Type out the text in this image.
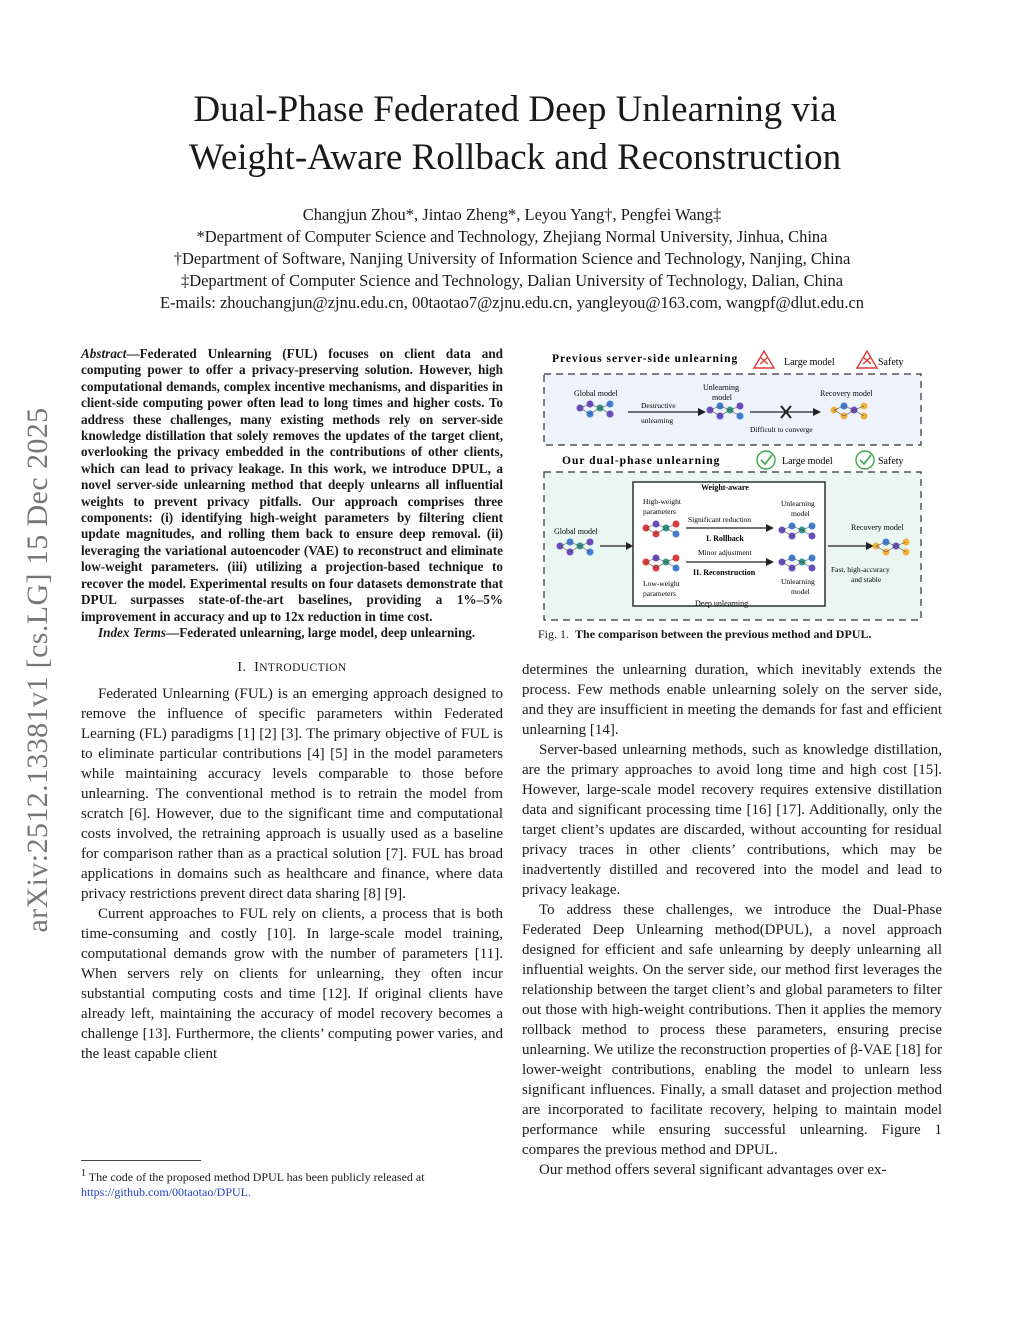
arXiv:2512.13381v1 [cs.LG] 15 Dec 2025
Dual-Phase Federated Deep Unlearning via
Weight-Aware Rollback and Reconstruction
Changjun Zhou*, Jintao Zheng*, Leyou Yang†, Pengfei Wang‡
*Department of Computer Science and Technology, Zhejiang Normal University, Jinhua, China
†Department of Software, Nanjing University of Information Science and Technology, Nanjing, China
‡Department of Computer Science and Technology, Dalian University of Technology, Dalian, China
E-mails: zhouchangjun@zjnu.edu.cn, 00taotao7@zjnu.edu.cn, yangleyou@163.com, wangpf@dlut.edu.cn

Abstract—Federated Unlearning (FUL) focuses on client data and computing power to offer a privacy-preserving solution. However, high computational demands, complex incentive mechanisms, and disparities in client-side computing power often lead to long times and higher costs. To address these challenges, many existing methods rely on server-side knowledge distillation that solely removes the updates of the target client, overlooking the privacy embedded in the contributions of other clients, which can lead to privacy leakage. In this work, we introduce DPUL, a novel server-side unlearning method that deeply unlearns all influential weights to prevent privacy pitfalls. Our approach comprises three components: (i) identifying high-weight parameters by filtering client update magnitudes, and rolling them back to ensure deep removal. (ii) leveraging the variational autoencoder (VAE) to reconstruct and eliminate low-weight parameters. (iii) utilizing a projection-based technique to recover the model. Experimental results on four datasets demonstrate that DPUL surpasses state-of-the-art baselines, providing a 1%–5% improvement in accuracy and up to 12x reduction in time cost.

Index Terms—Federated unlearning, large model, deep unlearning.

I. INTRODUCTION

Federated Unlearning (FUL) is an emerging approach designed to remove the influence of specific parameters within Federated Learning (FL) paradigms [1] [2] [3]. The primary objective of FUL is to eliminate particular contributions [4] [5] in the model parameters while maintaining accuracy levels comparable to those before unlearning. The conventional method is to retrain the model from scratch [6]. However, due to the significant time and computational costs involved, the retraining approach is usually used as a baseline for comparison rather than as a practical solution [7]. FUL has broad applications in domains such as healthcare and finance, where data privacy restrictions prevent direct data sharing [8] [9].

Current approaches to FUL rely on clients, a process that is both time-consuming and costly [10]. In large-scale model training, computational demands grow with the number of parameters [11]. When servers rely on clients for unlearning, they often incur substantial computing costs and time [12]. If original clients have already left, maintaining the accuracy of model recovery becomes a challenge [13]. Furthermore, the clients’ computing power varies, and the least capable client

$^1$ The code of the proposed method DPUL has been publicly released at https://github.com/00taotao/DPUL.
Previous server-side unlearning	Large model	Safety
Global model
Destructive
unlearning
Unlearning
model
Difficult to converge
Recovery model
Our dual-phase unlearning	Large model	Safety
Global model
Weight-aware
High-weight
parameters
Significant reduction
I. Rollback
Unlearning
model
Minor adjustment
II. Reconstruction
Low-weight
parameters
Unlearning
model
Deep unlearning
Recovery model
Fast, high-accuracy
and stable
Fig. 1. The comparison between the previous method and DPUL.

determines the unlearning duration, which inevitably extends the process. Few methods enable unlearning solely on the server side, and they are insufficient in meeting the demands for fast and efficient unlearning [14].

Server-based unlearning methods, such as knowledge distillation, are the primary approaches to avoid long time and high cost [15]. However, large-scale model recovery requires extensive distillation data and significant processing time [16] [17]. Additionally, only the target client’s updates are discarded, without accounting for residual privacy traces in other clients’ contributions, which may be inadvertently distilled and recovered into the model and lead to privacy leakage.

To address these challenges, we introduce the Dual-Phase Federated Deep Unlearning method(DPUL), a novel approach designed for efficient and safe unlearning by deeply unlearning all influential weights. On the server side, our method first leverages the relationship between the target client’s and global parameters to filter out those with high-weight contributions. Then it applies the memory rollback method to process these parameters, ensuring precise unlearning. We utilize the reconstruction properties of β-VAE [18] for lower-weight contributions, enabling the model to unlearn less significant influences. Finally, a small dataset and projection method are incorporated to facilitate recovery, helping to maintain model performance while ensuring successful unlearning. Figure 1 compares the previous method and DPUL.

Our method offers several significant advantages over ex-
